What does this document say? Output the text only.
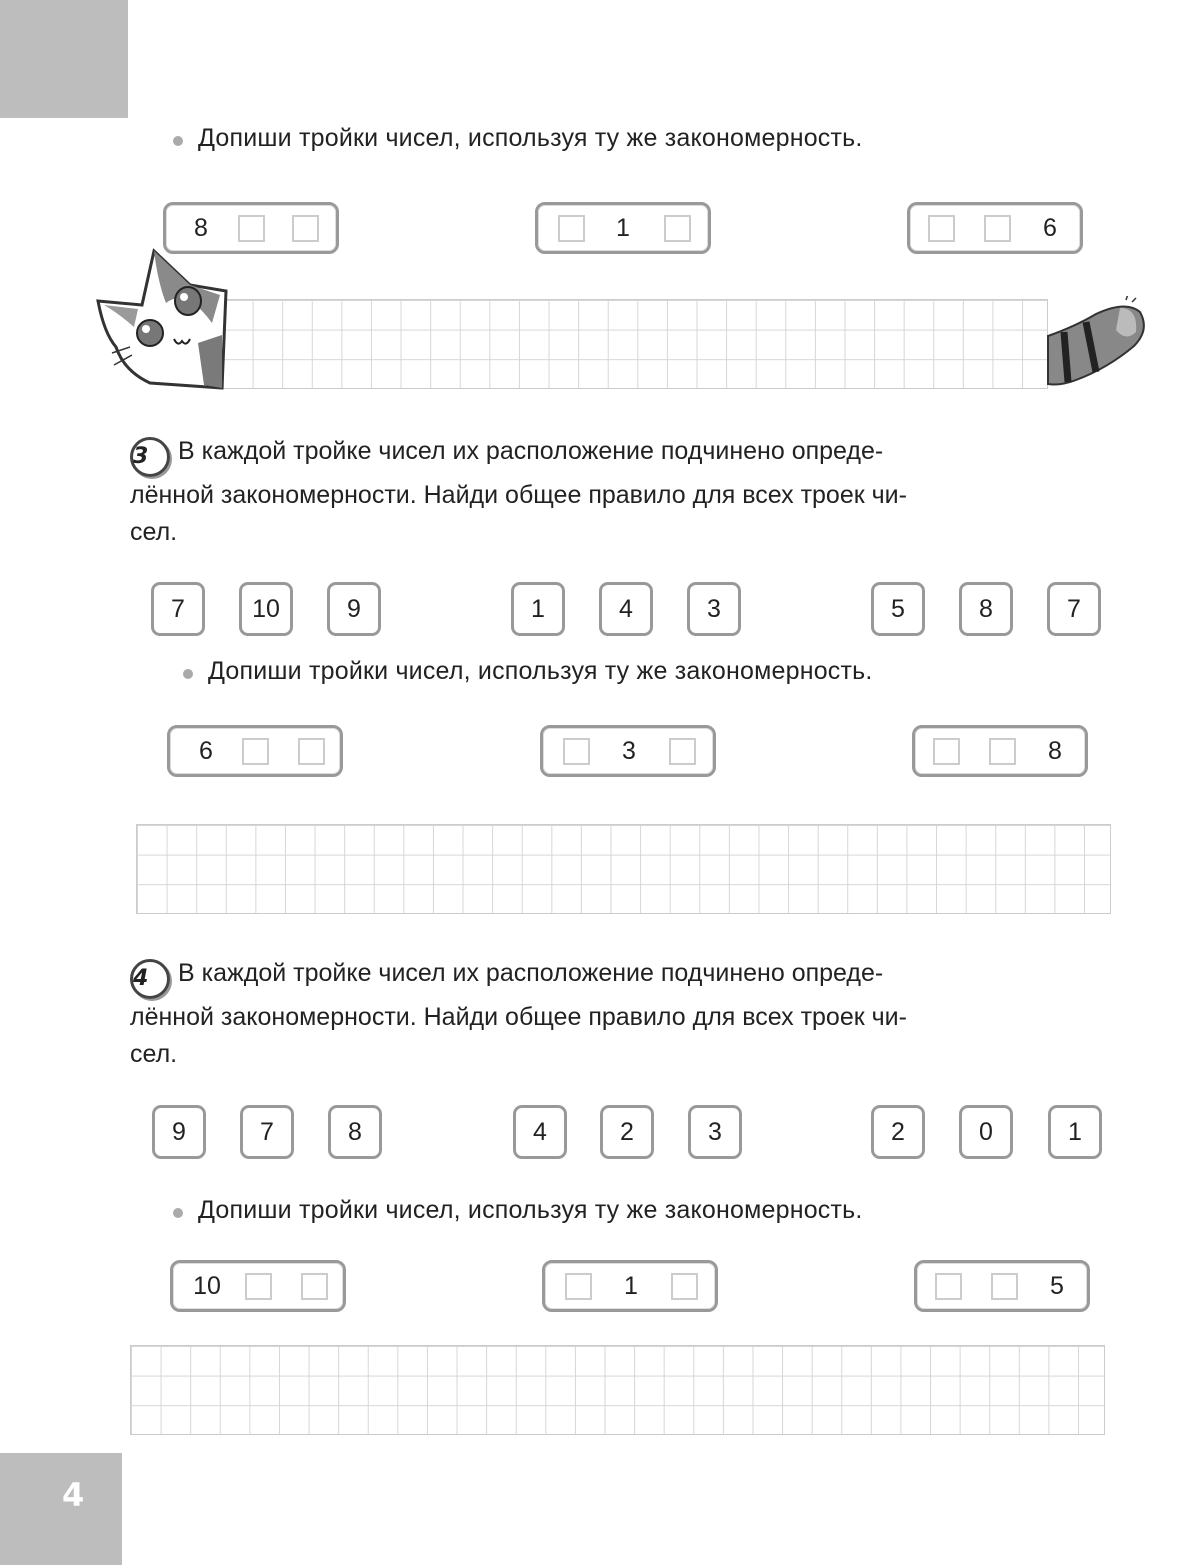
Допиши тройки чисел, используя ту же закономерность.
8	1	6
3 В каждой тройке чисел их расположение подчинено опреде-
лённой закономерности. Найди общее правило для всех троек чи-
сел.
7	10	9	1	4	3	5	8	7
Допиши тройки чисел, используя ту же закономерность.
6	3	8
4 В каждой тройке чисел их расположение подчинено опреде-
лённой закономерности. Найди общее правило для всех троек чи-
сел.
9	7	8	4	2	3	2	0	1
Допиши тройки чисел, используя ту же закономерность.
10	1	5
4
